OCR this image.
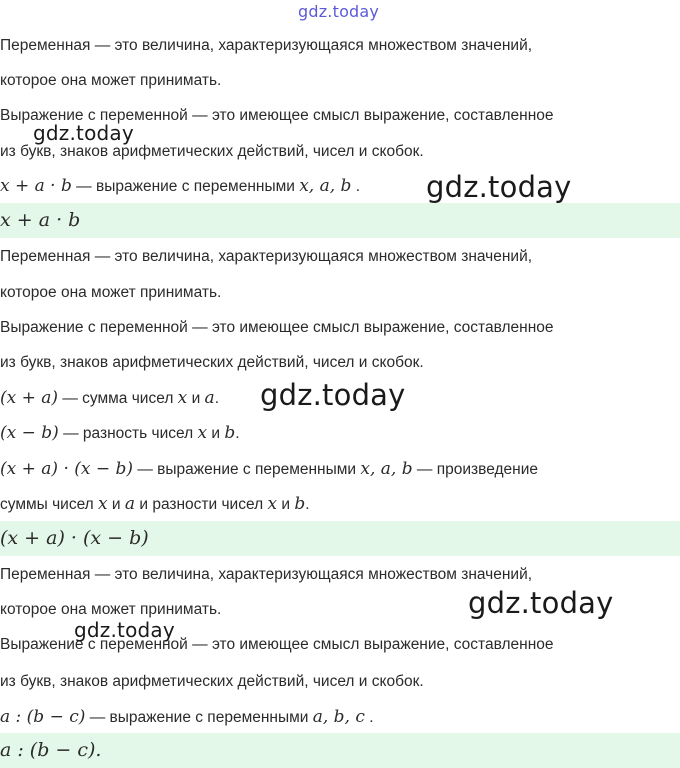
Переменная — это величина, характеризующаяся множеством значений,
которое она может принимать.
Выражение с переменной — это имеющее смысл выражение, составленное
из букв, знаков арифметических действий, чисел и скобок.
x + a · b — выражение с переменными x, a, b .
x + a · b
Переменная — это величина, характеризующаяся множеством значений,
которое она может принимать.
Выражение с переменной — это имеющее смысл выражение, составленное
из букв, знаков арифметических действий, чисел и скобок.
(x + a) — сумма чисел x и a.
(x − b) — разность чисел x и b.
(x + a) · (x − b) — выражение с переменными x, a, b — произведение
суммы чисел x и a и разности чисел x и b.
(x + a) · (x − b)
Переменная — это величина, характеризующаяся множеством значений,
которое она может принимать.
Выражение с переменной — это имеющее смысл выражение, составленное
из букв, знаков арифметических действий, чисел и скобок.
a : (b − c) — выражение с переменными a, b, c .
a : (b − c).
gdz.today
gdz.today
gdz.today
gdz.today
gdz.today
gdz.today
